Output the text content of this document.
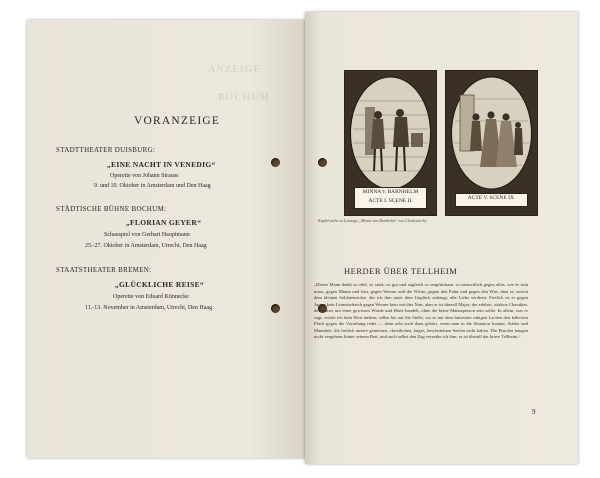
ANZEIGE
BOCHUM
VORANZEIGE
STADTTHEATER DUISBURG:
„EINE NACHT IN VENEDIG“
Operette von Johann Strauss
9. und 10. Oktober in Amsterdam und Den Haag
STÄDTISCHE BÜHNE BOCHUM:
„FLORIAN GEYER“
Schauspiel von Gerhart Hauptmann
25.-27. Oktober in Amsterdam, Utrecht, Den Haag
STAATSTHEATER BREMEN:
„GLÜCKLICHE REISE“
Operette von Eduard Künnecke
11.-13. November in Amsterdam, Utrecht, Den Haag
MINNA v. BARNHELM
ACTE I. SCENE II.	ACTE V. SCENE IX.
Kupferstiche zu Lessings „Minna von Barnhelm“ von Chodowiecky
HERDER ÜBER TELLHEIM
„Dieser Mann denkt so edel, so stark, so gut und zugleich so empfindsam, so menschlich gegen alles, wie es sein muss, gegen Minna und Just, gegen Werner und die Wirtin, gegen den Fulnt und gegen den Wirt, dass er, soweit dem kleinen Soldatenstolze, der ich ihm unter dem Unglück anhängt, alle Liebe verdient. Freilich ist er gegen Justen kein Leimsiederich gegen Werner kein weicher Narr, aber er ist überall Major, der edelste, stärkste Charakter, der immer mit einer gewissen Würde und Härte handelt, ohne die keine Mannsperson sein sollte. In allem, was er sagt, würde ich kein Wort ändern, selbst bis auf die Stelle, wo er mit dem bittersten ruhigen Lachen den kältesten Fluch gegen die Vorsehung redet — denn acht auch dazu gehört, wenn man in die Situation kommt. Stärke und Mannheit, die freilich unsere gemeinen, christlichen, larges, beschränkten Seelen nicht haben. Die Pistolen hangen nicht vergebens hinter seinem Bett, und auch selbst den Zug verzeihe ich ihm: er ist überall der brave Tellheim.“
9
